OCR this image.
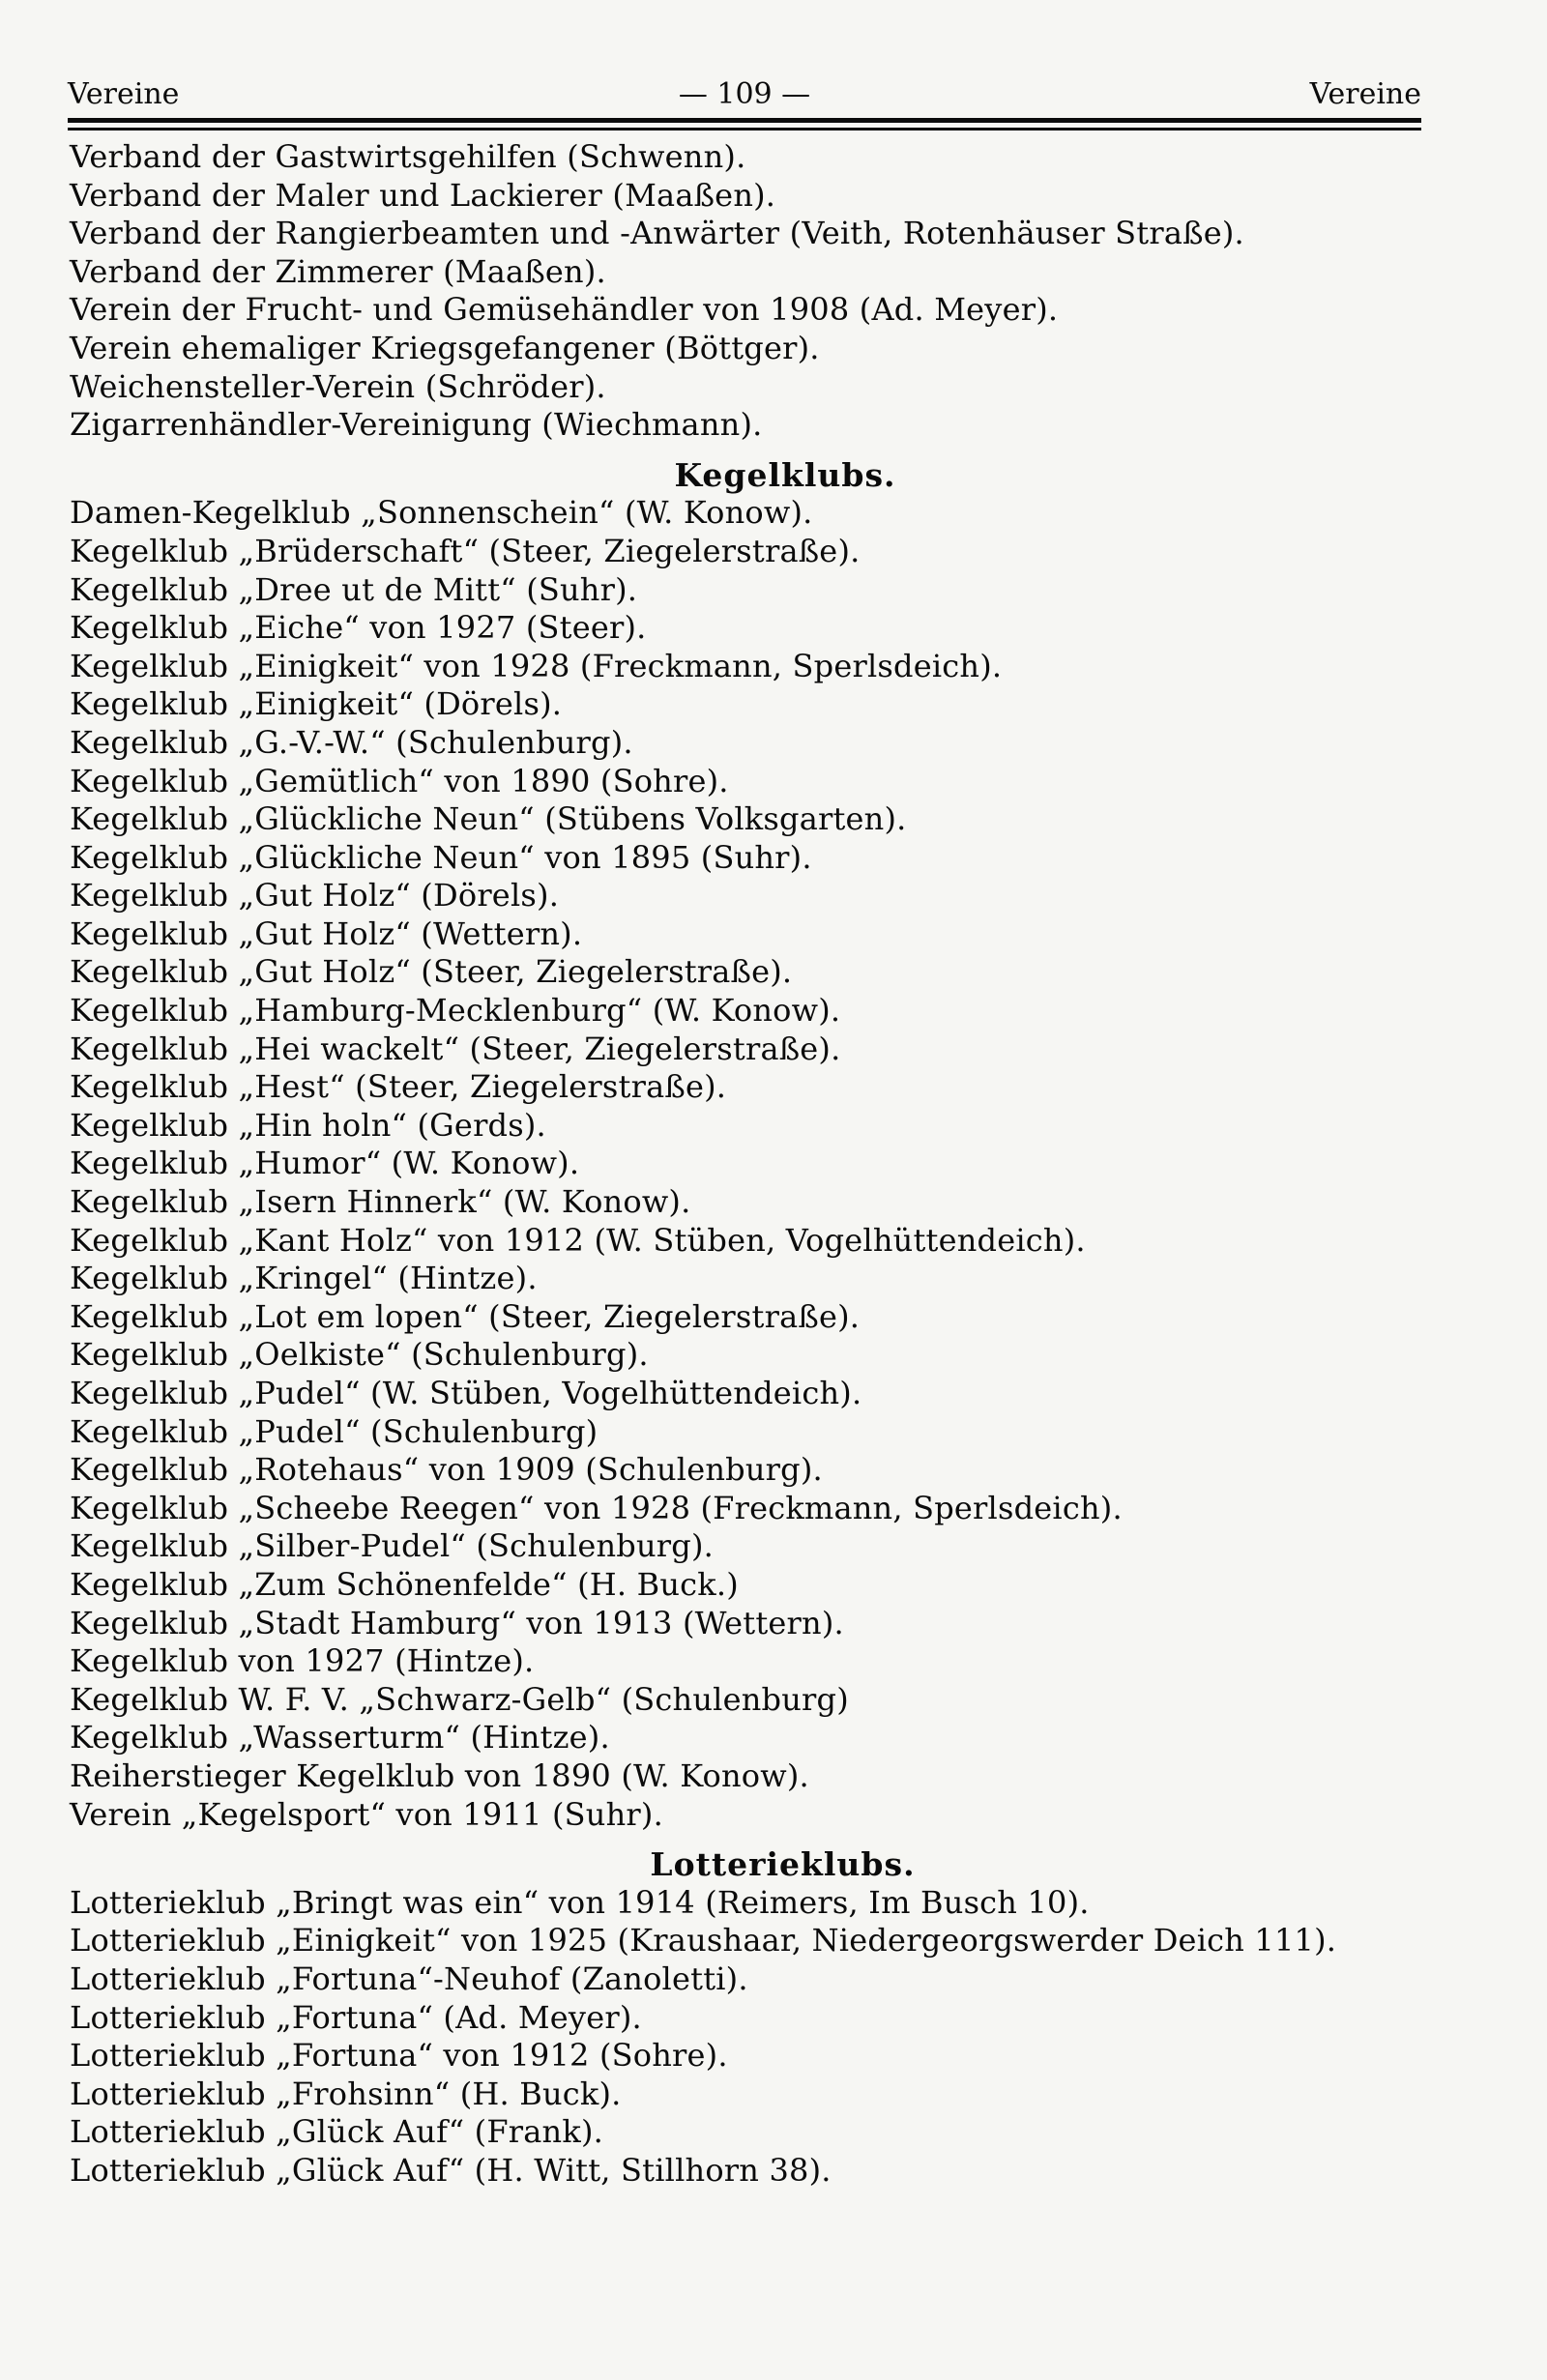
Vereine	— 109 —	Vereine
Verband der Gastwirtsgehilfen (Schwenn).
Verband der Maler und Lackierer (Maaßen).
Verband der Rangierbeamten und -Anwärter (Veith, Rotenhäuser Straße).
Verband der Zimmerer (Maaßen).
Verein der Frucht- und Gemüsehändler von 1908 (Ad. Meyer).
Verein ehemaliger Kriegsgefangener (Böttger).
Weichensteller-Verein (Schröder).
Zigarrenhändler-Vereinigung (Wiechmann).
Kegelklubs.
Damen-Kegelklub „Sonnenschein“ (W. Konow).
Kegelklub „Brüderschaft“ (Steer, Ziegelerstraße).
Kegelklub „Dree ut de Mitt“ (Suhr).
Kegelklub „Eiche“ von 1927 (Steer).
Kegelklub „Einigkeit“ von 1928 (Freckmann, Sperlsdeich).
Kegelklub „Einigkeit“ (Dörels).
Kegelklub „G.-V.-W.“ (Schulenburg).
Kegelklub „Gemütlich“ von 1890 (Sohre).
Kegelklub „Glückliche Neun“ (Stübens Volksgarten).
Kegelklub „Glückliche Neun“ von 1895 (Suhr).
Kegelklub „Gut Holz“ (Dörels).
Kegelklub „Gut Holz“ (Wettern).
Kegelklub „Gut Holz“ (Steer, Ziegelerstraße).
Kegelklub „Hamburg-Mecklenburg“ (W. Konow).
Kegelklub „Hei wackelt“ (Steer, Ziegelerstraße).
Kegelklub „Hest“ (Steer, Ziegelerstraße).
Kegelklub „Hin holn“ (Gerds).
Kegelklub „Humor“ (W. Konow).
Kegelklub „Isern Hinnerk“ (W. Konow).
Kegelklub „Kant Holz“ von 1912 (W. Stüben, Vogelhüttendeich).
Kegelklub „Kringel“ (Hintze).
Kegelklub „Lot em lopen“ (Steer, Ziegelerstraße).
Kegelklub „Oelkiste“ (Schulenburg).
Kegelklub „Pudel“ (W. Stüben, Vogelhüttendeich).
Kegelklub „Pudel“ (Schulenburg)
Kegelklub „Rotehaus“ von 1909 (Schulenburg).
Kegelklub „Scheebe Reegen“ von 1928 (Freckmann, Sperlsdeich).
Kegelklub „Silber-Pudel“ (Schulenburg).
Kegelklub „Zum Schönenfelde“ (H. Buck.)
Kegelklub „Stadt Hamburg“ von 1913 (Wettern).
Kegelklub von 1927 (Hintze).
Kegelklub W. F. V. „Schwarz-Gelb“ (Schulenburg)
Kegelklub „Wasserturm“ (Hintze).
Reiherstieger Kegelklub von 1890 (W. Konow).
Verein „Kegelsport“ von 1911 (Suhr).
Lotterieklubs.
Lotterieklub „Bringt was ein“ von 1914 (Reimers, Im Busch 10).
Lotterieklub „Einigkeit“ von 1925 (Kraushaar, Niedergeorgswerder Deich 111).
Lotterieklub „Fortuna“-Neuhof (Zanoletti).
Lotterieklub „Fortuna“ (Ad. Meyer).
Lotterieklub „Fortuna“ von 1912 (Sohre).
Lotterieklub „Frohsinn“ (H. Buck).
Lotterieklub „Glück Auf“ (Frank).
Lotterieklub „Glück Auf“ (H. Witt, Stillhorn 38).
